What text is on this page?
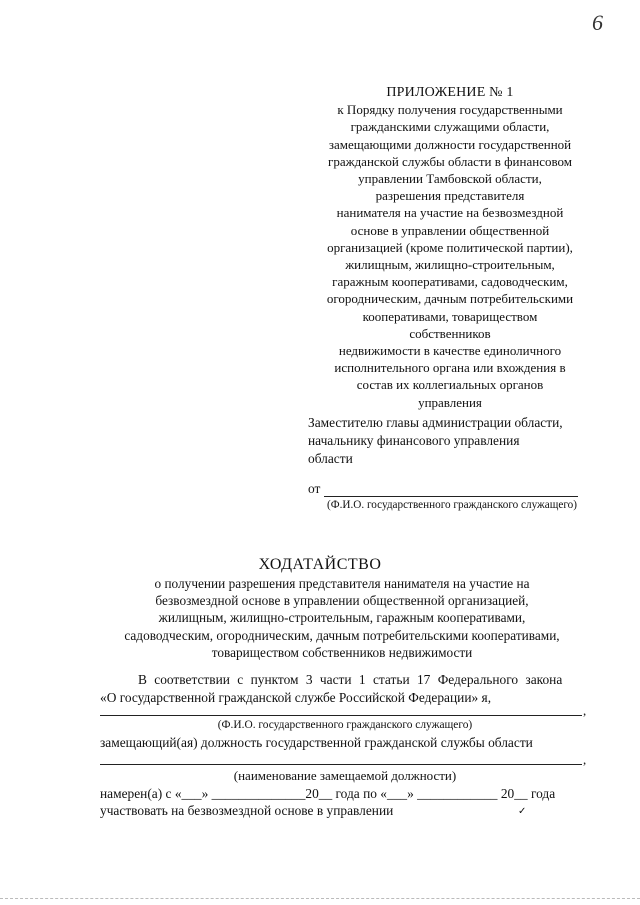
6
ПРИЛОЖЕНИЕ № 1
к Порядку получения государственными
гражданскими служащими области,
замещающими должности государственной
гражданской службы области в финансовом
управлении Тамбовской области,
разрешения представителя
нанимателя на участие на безвозмездной
основе в управлении общественной
организацией (кроме политической партии),
жилищным, жилищно-строительным,
гаражным кооперативами, садоводческим,
огородническим, дачным потребительскими
кооперативами, товариществом
собственников
недвижимости в качестве единоличного
исполнительного органа или вхождения в
состав их коллегиальных органов
управления
Заместителю главы администрации области,
начальнику финансового управления
области
от
(Ф.И.О. государственного гражданского служащего)
ХОДАТАЙСТВО
о получении разрешения представителя нанимателя на участие на
безвозмездной основе в управлении общественной организацией,
жилищным, жилищно-строительным, гаражным кооперативами,
садоводческим, огородническим, дачным потребительскими кооперативами,
товариществом собственников недвижимости
В соответствии с пунктом 3 части 1 статьи 17 Федерального закона
«О государственной гражданской службе Российской Федерации» я,
,
(Ф.И.О. государственного гражданского служащего)
замещающий(ая) должность государственной гражданской службы области
,
(наименование замещаемой должности)
намерен(а) с «___» ______________20__ года по «___» ____________ 20__ года
участвовать на безвозмездной основе в управлении	✓
